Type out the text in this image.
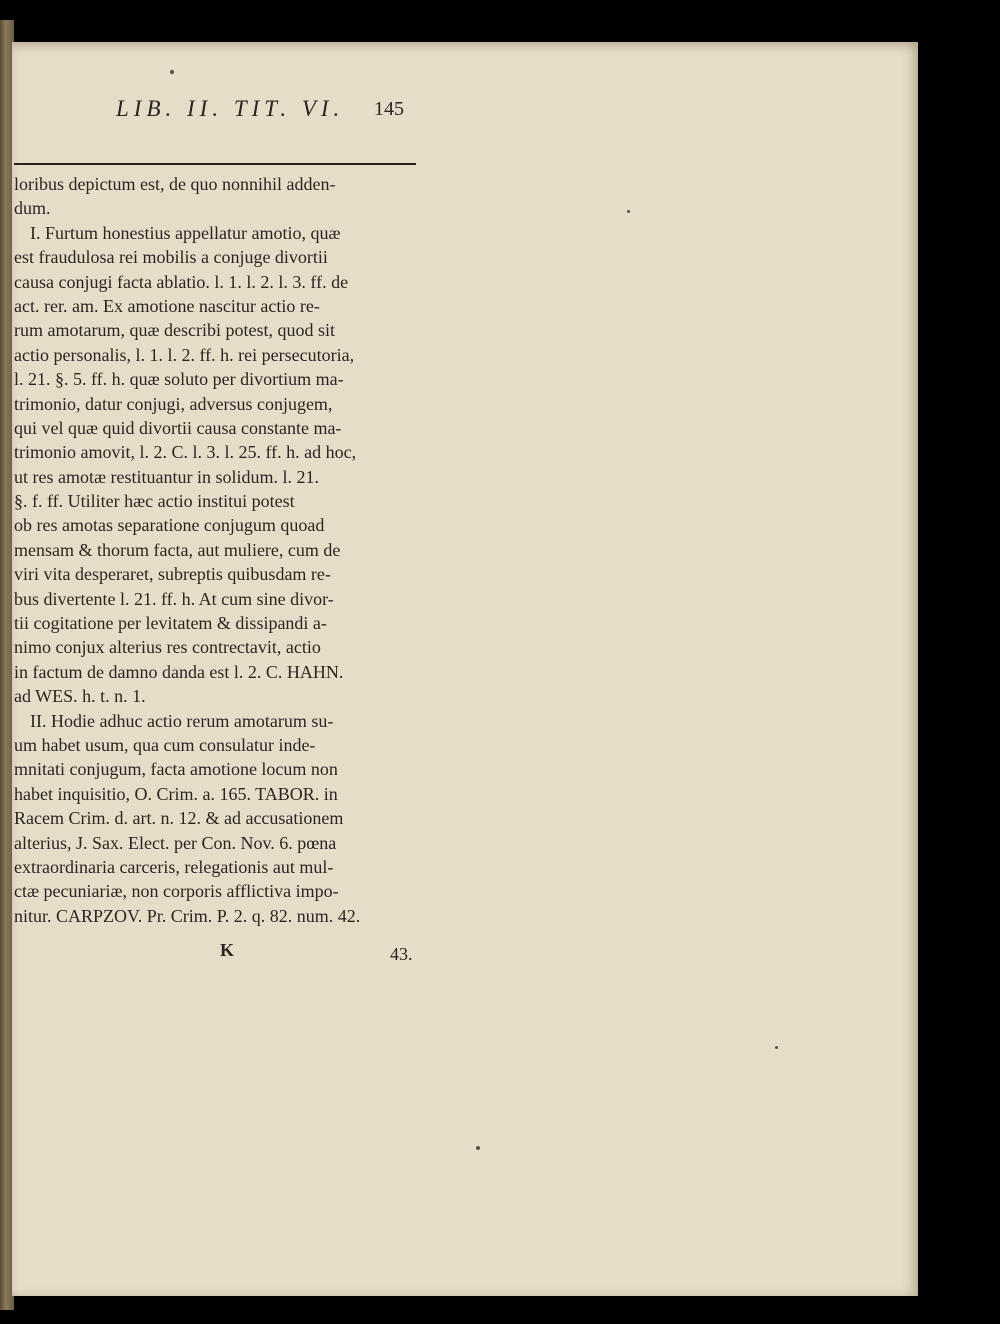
LIB. II. TIT. VI. 145
loribus depictum est, de quo nonnihil adden-
dum.
I. Furtum honestius appellatur amotio, quæ
est fraudulosa rei mobilis a conjuge divortii
causa conjugi facta ablatio. l. 1. l. 2. l. 3. ff. de
act. rer. am. Ex amotione nascitur actio re-
rum amotarum, quæ describi potest, quod sit
actio personalis, l. 1. l. 2. ff. h. rei persecutoria,
l. 21. §. 5. ff. h. quæ soluto per divortium ma-
trimonio, datur conjugi, adversus conjugem,
qui vel quæ quid divortii causa constante ma-
trimonio amovit, l. 2. C. l. 3. l. 25. ff. h. ad hoc,
ut res amotæ restituantur in solidum. l. 21.
§. f. ff. Utiliter hæc actio institui potest
ob res amotas separatione conjugum quoad
mensam & thorum facta, aut muliere, cum de
viri vita desperaret, subreptis quibusdam re-
bus divertente l. 21. ff. h. At cum sine divor-
tii cogitatione per levitatem & dissipandi a-
nimo conjux alterius res contrectavit, actio
in factum de damno danda est l. 2. C. HAHN.
ad WES. h. t. n. 1.
II. Hodie adhuc actio rerum amotarum su-
um habet usum, qua cum consulatur inde-
mnitati conjugum, facta amotione locum non
habet inquisitio, O. Crim. a. 165. TABOR. in
Racem Crim. d. art. n. 12. & ad accusationem
alterius, J. Sax. Elect. per Con. Nov. 6. pœna
extraordinaria carceris, relegationis aut mul-
ctæ pecuniariæ, non corporis afflictiva impo-
nitur. CARPZOV. Pr. Crim. P. 2. q. 82. num. 42.
K	43.
